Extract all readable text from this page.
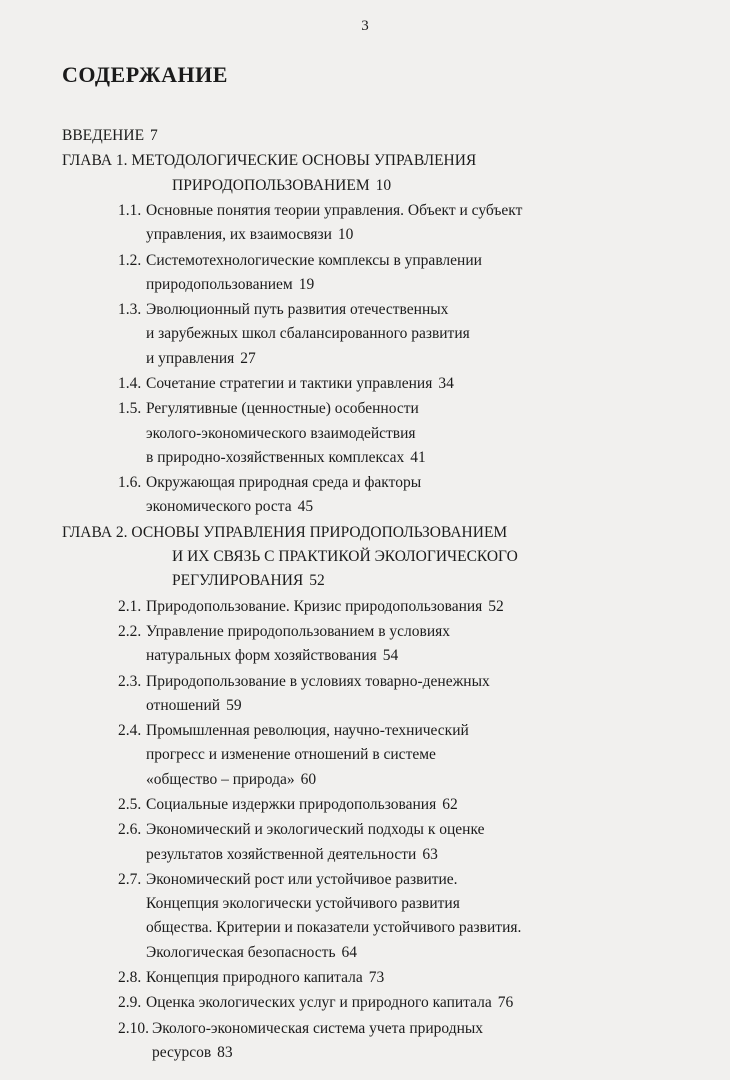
3
СОДЕРЖАНИЕ
ВВЕДЕНИЕ 7
ГЛАВА 1. МЕТОДОЛОГИЧЕСКИЕ ОСНОВЫ УПРАВЛЕНИЯ
ПРИРОДОПОЛЬЗОВАНИЕМ 10
1.1. Основные понятия теории управления. Объект и субъект
управления, их взаимосвязи 10
1.2. Системотехнологические комплексы в управлении
природопользованием 19
1.3. Эволюционный путь развития отечественных
и зарубежных школ сбалансированного развития
и управления 27
1.4. Сочетание стратегии и тактики управления 34
1.5. Регулятивные (ценностные) особенности
эколого-экономического взаимодействия
в природно-хозяйственных комплексах 41
1.6. Окружающая природная среда и факторы
экономического роста 45
ГЛАВА 2. ОСНОВЫ УПРАВЛЕНИЯ ПРИРОДОПОЛЬЗОВАНИЕМ
И ИХ СВЯЗЬ С ПРАКТИКОЙ ЭКОЛОГИЧЕСКОГО
РЕГУЛИРОВАНИЯ 52
2.1. Природопользование. Кризис природопользования 52
2.2. Управление природопользованием в условиях
натуральных форм хозяйствования 54
2.3. Природопользование в условиях товарно-денежных
отношений 59
2.4. Промышленная революция, научно-технический
прогресс и изменение отношений в системе
«общество – природа» 60
2.5. Социальные издержки природопользования 62
2.6. Экономический и экологический подходы к оценке
результатов хозяйственной деятельности 63
2.7. Экономический рост или устойчивое развитие.
Концепция экологически устойчивого развития
общества. Критерии и показатели устойчивого развития.
Экологическая безопасность 64
2.8. Концепция природного капитала 73
2.9. Оценка экологических услуг и природного капитала 76
2.10. Эколого-экономическая система учета природных
ресурсов 83
